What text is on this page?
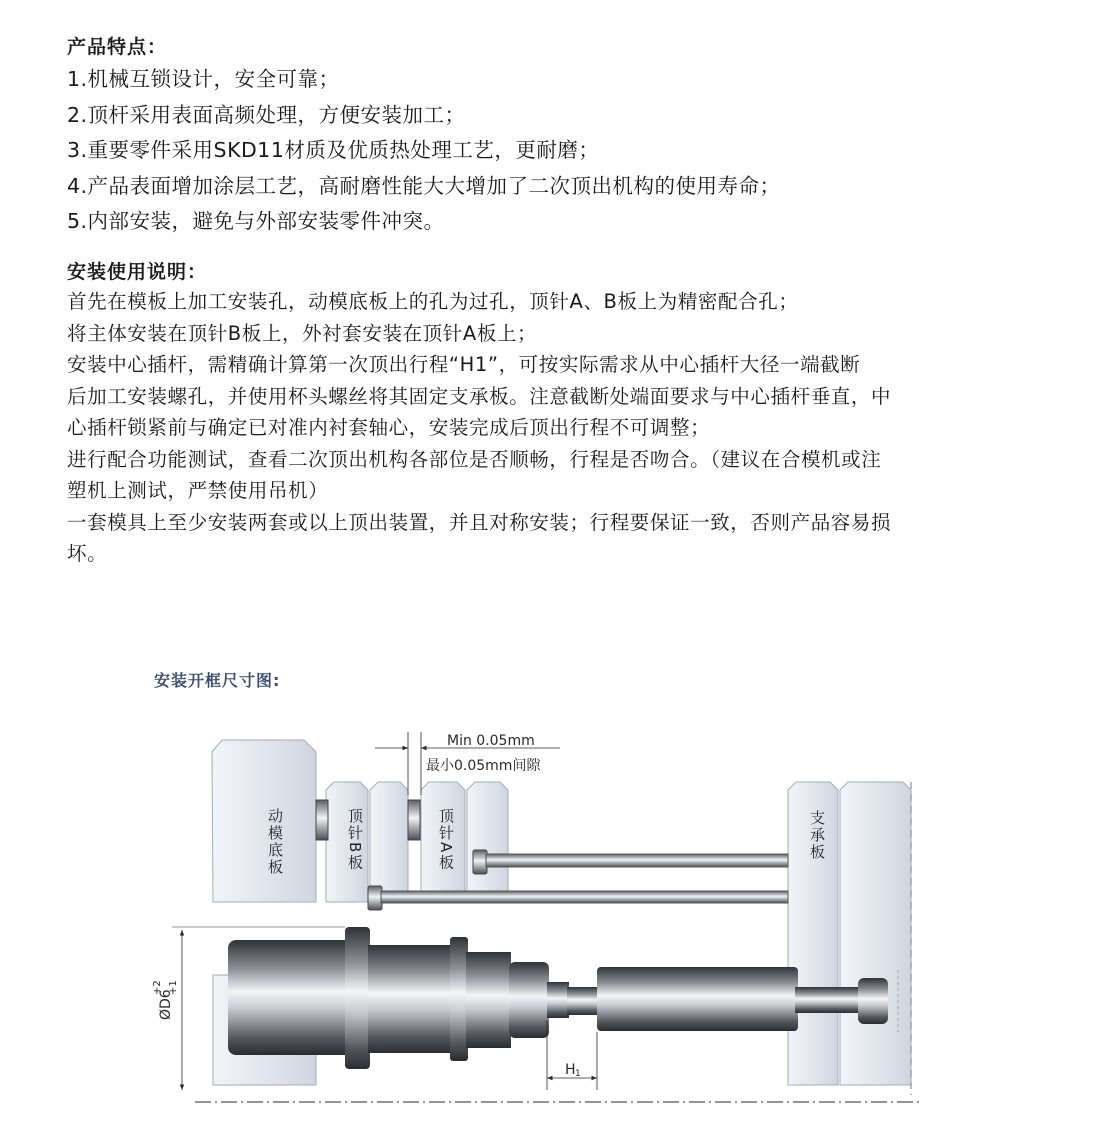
产品特点：
1.机械互锁设计，安全可靠；
2.顶杆采用表面高频处理，方便安装加工；
3.重要零件采用SKD11材质及优质热处理工艺，更耐磨；
4.产品表面增加涂层工艺，高耐磨性能大大增加了二次顶出机构的使用寿命；
5.内部安装，避免与外部安装零件冲突。
安装使用说明：
首先在模板上加工安装孔，动模底板上的孔为过孔，顶针A、B板上为精密配合孔；
将主体安装在顶针B板上，外衬套安装在顶针A板上；
安装中心插杆，需精确计算第一次顶出行程“H1”，可按实际需求从中心插杆大径一端截断
后加工安装螺孔，并使用杯头螺丝将其固定支承板。注意截断处端面要求与中心插杆垂直，中
心插杆锁紧前与确定已对准内衬套轴心，安装完成后顶出行程不可调整；
进行配合功能测试，查看二次顶出机构各部位是否顺畅，行程是否吻合。（建议在合模机或注
塑机上测试，严禁使用吊机）
一套模具上至少安装两套或以上顶出装置，并且对称安装；行程要保证一致，否则产品容易损
坏。
安装开框尺寸图:
Min 0.05mm
最小0.05mm间隙
动模底板	顶针B板	顶针A板	支承板
ØD6
+2 +1
H 1
